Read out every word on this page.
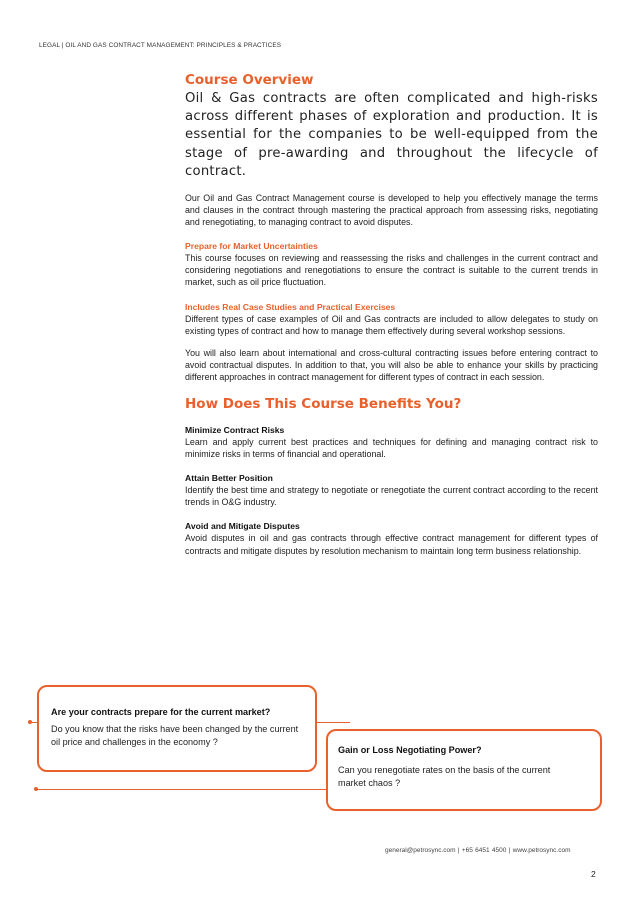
LEGAL | OIL AND GAS CONTRACT MANAGEMENT: PRINCIPLES & PRACTICES
Course Overview

Oil & Gas contracts are often complicated and high-risks across different phases of exploration and production. It is essential for the companies to be well-equipped from the stage of pre-awarding and throughout the lifecycle of contract.

Our Oil and Gas Contract Management course is developed to help you effectively manage the terms and clauses in the contract through mastering the practical approach from assessing risks, negotiating and renegotiating, to managing contract to avoid disputes.

Prepare for Market Uncertainties

This course focuses on reviewing and reassessing the risks and challenges in the current contract and considering negotiations and renegotiations to ensure the contract is suitable to the current trends in market, such as oil price fluctuation.

Includes Real Case Studies and Practical Exercises

Different types of case examples of Oil and Gas contracts are included to allow delegates to study on existing types of contract and how to manage them effectively during several workshop sessions.

You will also learn about international and cross-cultural contracting issues before entering contract to avoid contractual disputes. In addition to that, you will also be able to enhance your skills by practicing different approaches in contract management for different types of contract in each session.

How Does This Course Benefits You?

Minimize Contract Risks

Learn and apply current best practices and techniques for defining and managing contract risk to minimize risks in terms of financial and operational.

Attain Better Position

Identify the best time and strategy to negotiate or renegotiate the current contract according to the recent trends in O&G industry.

Avoid and Mitigate Disputes

Avoid disputes in oil and gas contracts through effective contract management for different types of contracts and mitigate disputes by resolution mechanism to maintain long term business relationship.

Are your contracts prepare for the current market?

Do you know that the risks have been changed by the current oil price and challenges in the economy ?

Gain or Loss Negotiating Power?

Can you renegotiate rates on the basis of the current market chaos ?

general@petrosync.com | +65 6451 4500 | www.petrosync.com
2
